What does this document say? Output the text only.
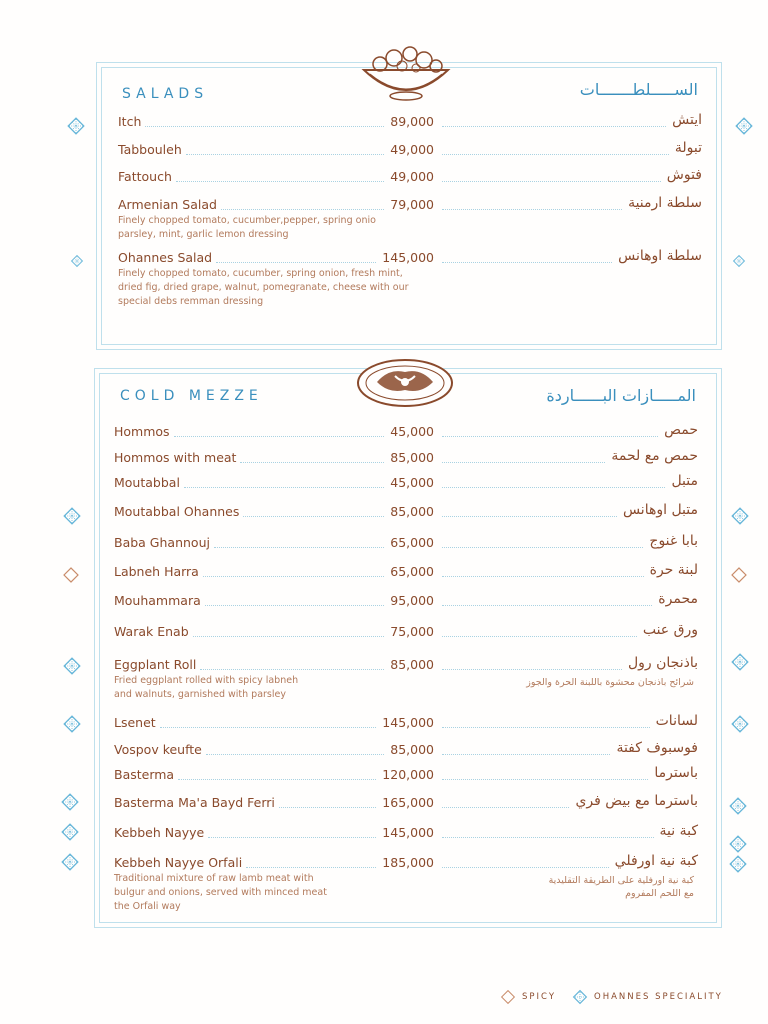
SALADS	الســـــلطـــــــات
Itch	89,000	ايتش
Tabbouleh	49,000	تبولة
Fattouch	49,000	فتوش
Armenian Salad	79,000	سلطة ارمنية
Finely chopped tomato, cucumber,pepper, spring onio
parsley, mint, garlic lemon dressing
Ohannes Salad	145,000	سلطة اوهانس
Finely chopped tomato, cucumber, spring onion, fresh mint,
dried fig, dried grape, walnut, pomegranate, cheese with our
special debs remman dressing
COLD MEZZE	المـــــازات البــــــاردة
Hommos	45,000	حمص
Hommos with meat	85,000	حمص مع لحمة
Moutabbal	45,000	متبل
Moutabbal Ohannes	85,000	متبل اوهانس
Baba Ghannouj	65,000	بابا غنوج
Labneh Harra	65,000	لبنة حرة
Mouhammara	95,000	محمرة
Warak Enab	75,000	ورق عنب
Eggplant Roll	85,000	باذنجان رول
Fried eggplant rolled with spicy labneh
and walnuts, garnished with parsley
شرائح باذنجان محشوة باللبنة الحرة والجوز
Lsenet	145,000	لسانات
Vospov keufte	85,000	فوسبوف كفتة
Basterma	120,000	باسترما
Basterma Ma'a Bayd Ferri	165,000	باسترما مع بيض فري
Kebbeh Nayye	145,000	كبة نية
Kebbeh Nayye Orfali	185,000	كبة نية اورفلي
Traditional mixture of raw lamb meat with
bulgur and onions, served with minced meat
the Orfali way
كبة نية اورفلية على الطريقة التقليدية
مع اللحم المفروم
SPICY	OHANNES SPECIALITY
